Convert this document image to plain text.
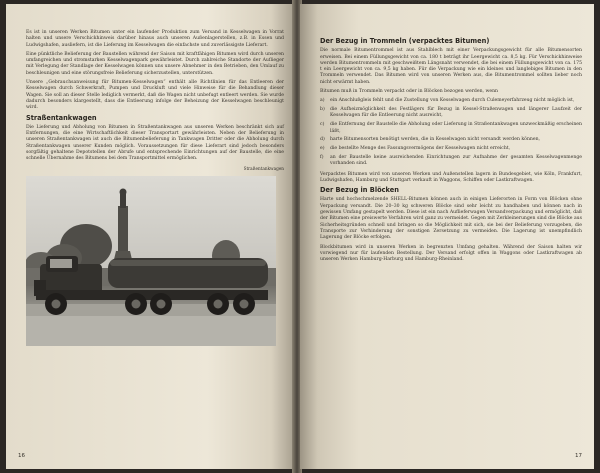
Es ist in unseren Werken Bitumen unter ein laufender Produktion zum Versand in Kesselwagen in Vorrat halten und unsere Verschickhinweis darüber hinaus auch unseren Außenlagerstellen, z.B. in Essen und Ludwigshafen, ausliefern, ist die Lieferung im Kesselwagen die einfachste und zuverlässigste Lieferart.

Eine pünktliche Belieferung der Baustellen während der Saison mit kraftfähigen Bitumen wird durch unseren umfangreichen und stromstarken Kesselwagenpark gewährleistet. Durch zahlreiche Standorte der Auflieger mit Verlegung der Standlage der Kesselwagen können uns unsere Abnehmer in den Betrieben, den Umlauf zu beschleunigen und eine störungsfreie Belieferung sicherzustellen, unterstützen.

Unsere „Gebrauchsanweisung für Bitumen-Kesselwagen“ enthält alle Richtlinien für das Entleeren der Kesselwagen durch Schwerkraft, Pumpen und Druckluft und viele Hinweise für die Behandlung dieser Wagen. Sie soll an dieser Stelle lediglich vermerkt, daß die Wagen nicht unbefugt entleert werden. Sie wurde dadurch besonders klargestellt, dass die Entleerung infolge der Beheizung der Kesselwagen beschleunigt wird.

Straßentankwagen

Die Lieferung und Abholung von Bitumen in Straßentankwagen aus unseren Werken beschränkt sich auf Entfernungen, die eine Wirtschaftlichkeit dieser Transportart gewährleisten. Neben der Belieferung in unseren Straßentankwagen ist auch die Bitumenbelieferung in Tankwagen Dritter oder die Abholung durch Straßentankwagen unserer Kunden möglich. Voraussetzungen für diese Lieferart sind jedoch besonders sorgfältig gehaltene Depotstellen der Abrufe und entsprechende Einrichtungen auf der Baustelle, die eine schnelle Übernahme des Bitumens bei dem Transportmittel ermöglichen.

Straßentankwagen
16
Der Bezug in Trommeln (verpacktes Bitumen)

Die normale Bitumentrommel ist aus Stahlblech mit einer Verpackungsgewicht für alle Bitumensorten erweisen. Bei einem Füllungsgewicht von ca. 180 t beträgt ihr Leergewicht ca. 8,5 kg. Für Verschickhinweise werden Bitumentrommeln mit geschweißtem Längsnaht verwendet, die bei einem Füllungsgewicht von ca. 175 t ein Leergewicht von ca. 9,5 kg haben. Für die Verpackung wie ein kleines und langlebiges Bitumen in den Trommeln verwendet. Das Bitumen wird von unseren Werken aus, die Bitumentrommel sollten lieber noch nicht erwärmt haben.

Bitumen muß in Trommeln verpackt oder in Blöcken bezogen werden, wenn

a)	ein Anschlußgleis fehlt und die Zustellung von Kesselwagen durch Culemeyerfahrzeug nicht möglich ist,
b)	die Aufheizmöglichkeit des Festlägers für Bezug in Kessel-Straßenwagen und längerer Laufzeit der Kesselwagen für die Entleerung nicht ausreicht,
c)	die Entfernung der Baustelle die Abholung oder Lieferung in Straßentankwagen unzweckmäßig erscheinen läßt,
d)	harte Bitumensorten benötigt werden, die in Kesselwagen nicht versandt werden können,
e)	die bestellte Menge des Fassungsvermögens der Kesselwagen nicht erreicht,
f)	an der Baustelle keine ausreichenden Einrichtungen zur Aufnahme der gesamten Kesselwagenmenge vorhanden sind.

Verpacktes Bitumen wird von unseren Werken und Außenstellen lagern in Bundesgebiet, wie Köln, Frankfurt, Ludwigshafen, Hamburg und Stuttgart verkauft in Waggons, Schiffen oder Lastkraftwagen.

Der Bezug in Blöcken

Harte und hochschmelzende SHELL-Bitumen können auch in einigen Lieferorten in Form von Blöcken ohne Verpackung versandt. Die 20–30 kg schweren Blöcke sind sehr leicht zu handhaben und können nach in gewissen Umfang gestapelt werden. Diese ist ein nach Auflieferwagen Versandverpackung und ermöglicht, daß der Bitumen eine preiswerte Verfahren wird ganz zu vermeidet. Gegen mit Zerkleinerungen sind die Blöcke aus Sicherheitsgründen schnell und bringen so die Möglichkeit mit sich, sie bei der Belieferung vorzugeben, die Transporte zur Verhinderung der sonstigen Zersetzung zu vermeiden. Die Lagerung ist unempfindlich Lagerung der Blöcke erfolgen.

Blockbitumen wird in unseren Werken in begrenzten Umfang gehalten. Während der Saison halten wir vorwiegend nur für laufenden Bestellung. Der Versand erfolgt offen in Waggons oder Lastkraftwagen ab unseren Werken Hamburg-Harburg und Hamburg-Rheinland.

17
